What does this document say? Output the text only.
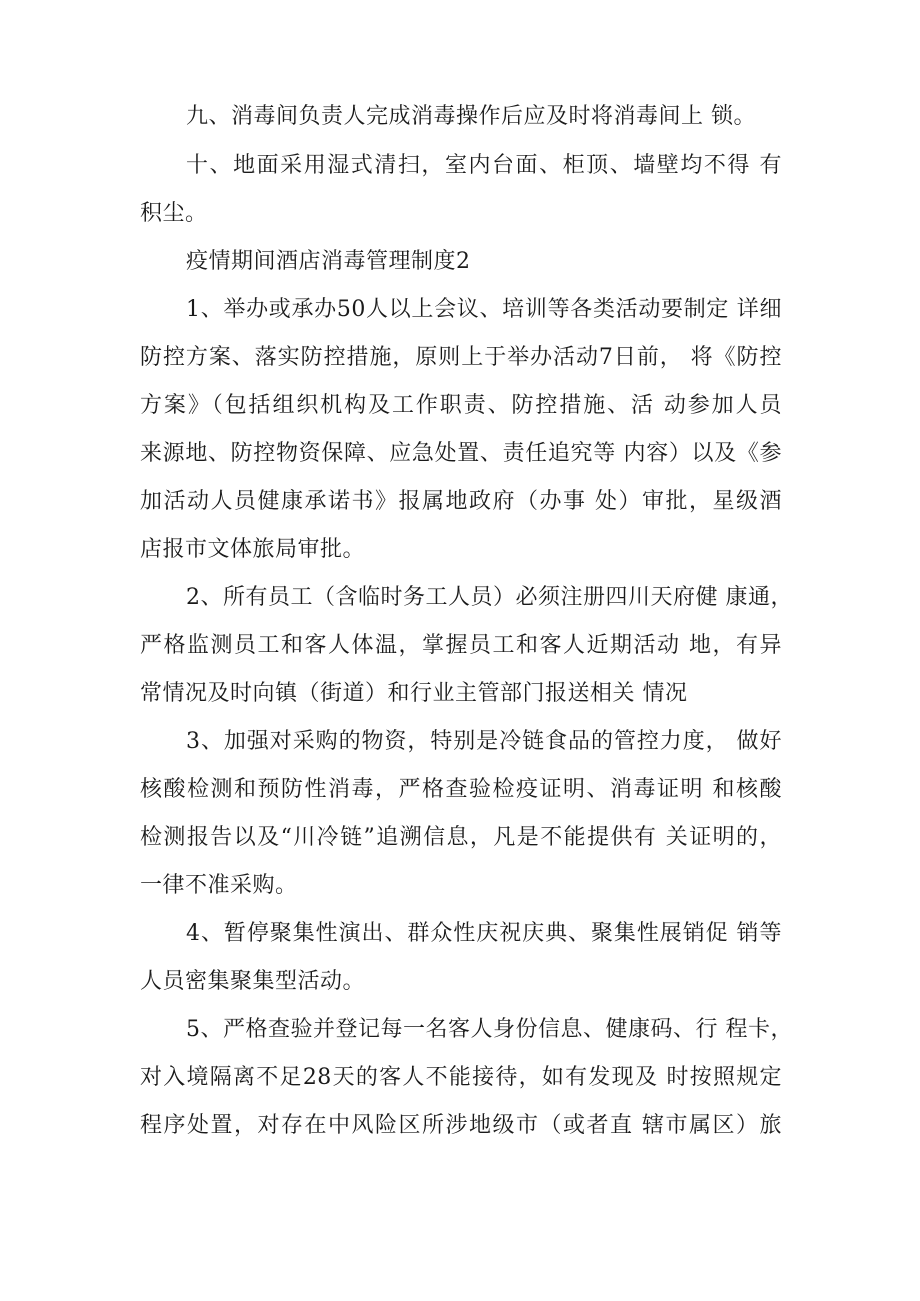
九、消毒间负责人完成消毒操作后应及时将消毒间上 锁。
十、地面采用湿式清扫，室内台面、柜顶、墙壁均不得 有
积尘。
疫情期间酒店消毒管理制度2
1、举办或承办50人以上会议、培训等各类活动要制定 详细
防控方案、落实防控措施，原则上于举办活动7日前， 将《防控
方案》（包括组织机构及工作职责、防控措施、活 动参加人员
来源地、防控物资保障、应急处置、责任追究等 内容）以及《参
加活动人员健康承诺书》报属地政府（办事 处）审批，星级酒
店报市文体旅局审批。
2、所有员工（含临时务工人员）必须注册四川天府健 康通，
严格监测员工和客人体温，掌握员工和客人近期活动 地，有异
常情况及时向镇（街道）和行业主管部门报送相关 情况
3、加强对采购的物资，特别是冷链食品的管控力度， 做好
核酸检测和预防性消毒，严格查验检疫证明、消毒证明 和核酸
检测报告以及“川冷链”追溯信息，凡是不能提供有 关证明的，
一律不准采购。
4、暂停聚集性演出、群众性庆祝庆典、聚集性展销促 销等
人员密集聚集型活动。
5、严格查验并登记每一名客人身份信息、健康码、行 程卡，
对入境隔离不足28天的客人不能接待，如有发现及 时按照规定
程序处置，对存在中风险区所涉地级市（或者直 辖市属区）旅
